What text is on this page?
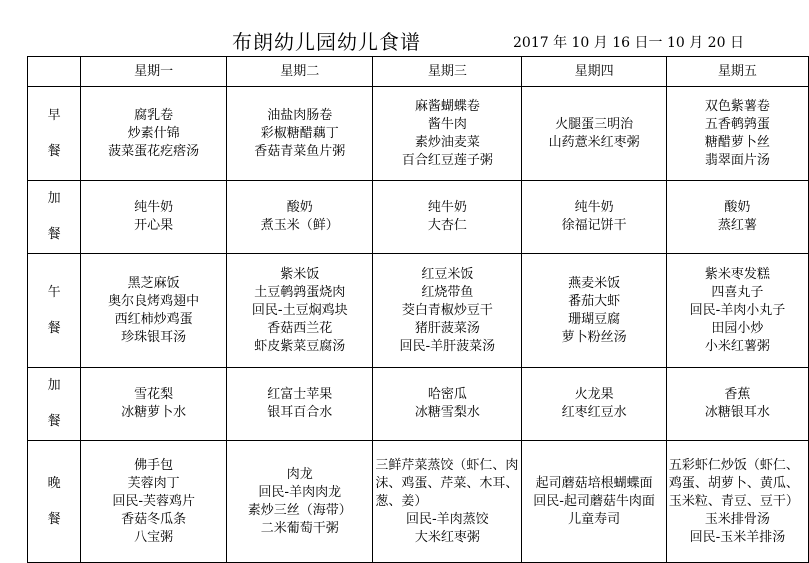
布朗幼儿园幼儿食谱	2017 年 10 月 16 日一 10 月 20 日
	星期一	星期二	星期三	星期四	星期五

早
餐	腐乳卷
炒素什锦
菠菜蛋花疙瘩汤	油盐肉肠卷
彩椒糖醋藕丁
香菇青菜鱼片粥	麻酱蝴蝶卷
酱牛肉
素炒油麦菜
百合红豆莲子粥	火腿蛋三明治
山药薏米红枣粥	双色紫薯卷
五香鹌鹑蛋
糖醋萝卜丝
翡翠面片汤

加
餐	纯牛奶
开心果	酸奶
煮玉米（鲜）	纯牛奶
大杏仁	纯牛奶
徐福记饼干	酸奶
蒸红薯

午
餐	黑芝麻饭
奥尔良烤鸡翅中
西红柿炒鸡蛋
珍珠银耳汤	紫米饭
土豆鹌鹑蛋烧肉
回民-土豆焖鸡块
香菇西兰花
虾皮紫菜豆腐汤	红豆米饭
红烧带鱼
茭白青椒炒豆干
猪肝菠菜汤
回民-羊肝菠菜汤	燕麦米饭
番茄大虾
珊瑚豆腐
萝卜粉丝汤	紫米枣发糕
四喜丸子
回民-羊肉小丸子
田园小炒
小米红薯粥

加
餐	雪花梨
冰糖萝卜水	红富士苹果
银耳百合水	哈密瓜
冰糖雪梨水	火龙果
红枣红豆水	香蕉
冰糖银耳水

晚
餐	佛手包
芙蓉肉丁
回民-芙蓉鸡片
香菇冬瓜条
八宝粥	肉龙
回民-羊肉肉龙
素炒三丝（海带）
二米葡萄干粥	三鲜芹菜蒸饺（虾仁、肉沫、鸡蛋、芹菜、木耳、葱、姜）
回民-羊肉蒸饺
大米红枣粥	起司蘑菇培根蝴蝶面
回民-起司蘑菇牛肉面
儿童寿司	五彩虾仁炒饭（虾仁、鸡蛋、胡萝卜、黄瓜、玉米粒、青豆、豆干）
玉米排骨汤
回民-玉米羊排汤
